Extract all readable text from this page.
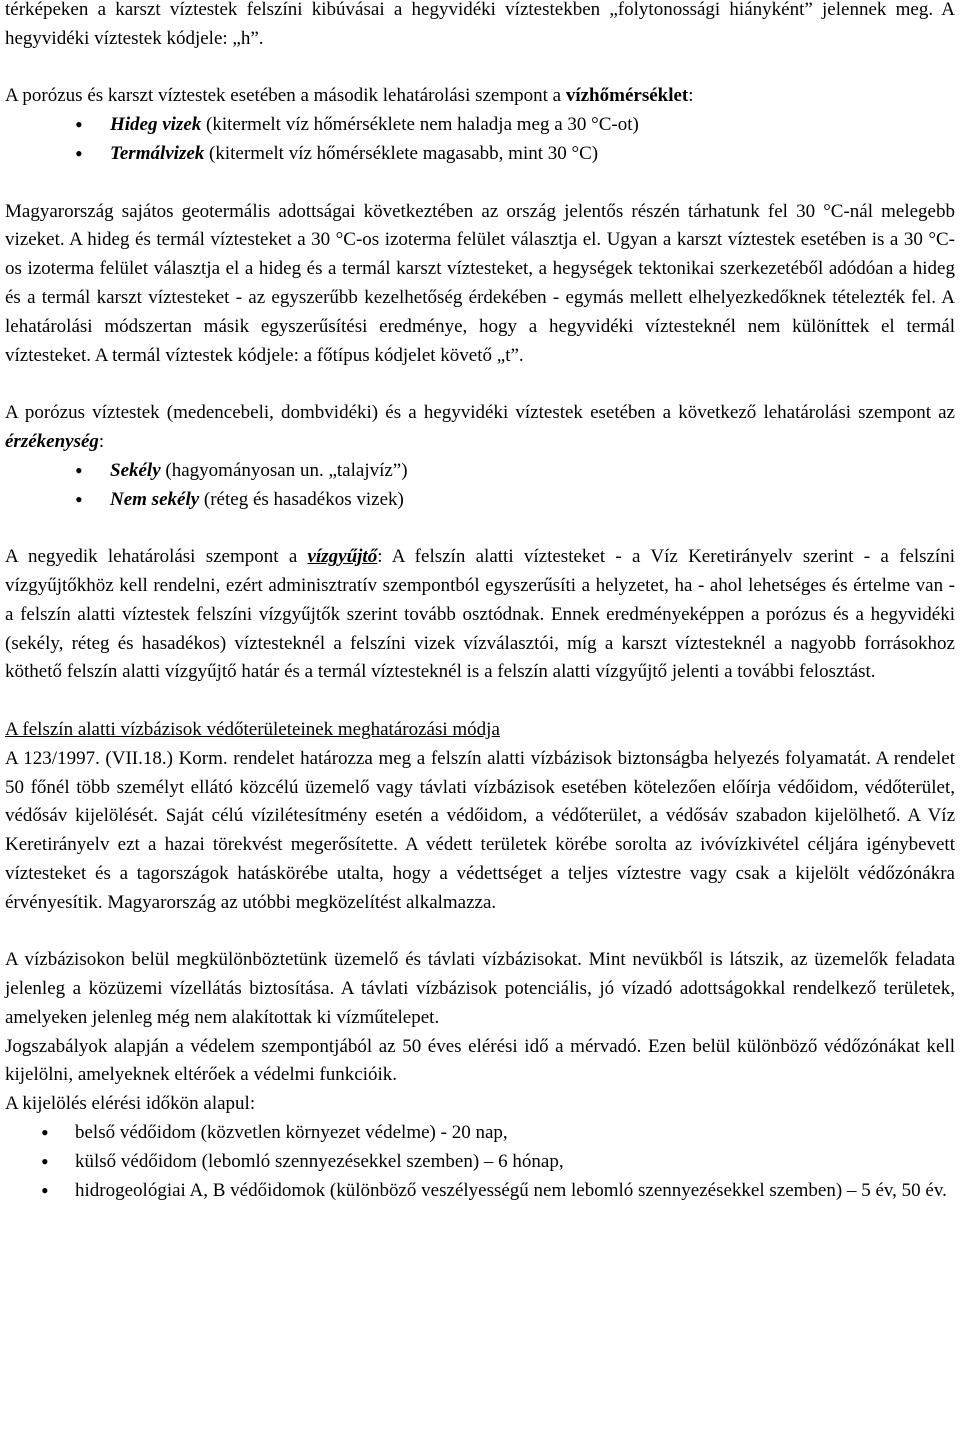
térképeken a karszt víztestek felszíni kibúvásai a hegyvidéki víztestekben „folytonossági hiányként” jelennek meg. A hegyvidéki víztestek kódjele: „h”.

A porózus és karszt víztestek esetében a második lehatárolási szempont a vízhőmérséklet:

• Hideg vizek (kitermelt víz hőmérséklete nem haladja meg a 30 °C-ot)
• Termálvizek (kitermelt víz hőmérséklete magasabb, mint 30 °C)

Magyarország sajátos geotermális adottságai következtében az ország jelentős részén tárhatunk fel 30 °C-nál melegebb vizeket. A hideg és termál víztesteket a 30 °C-os izoterma felület választja el. Ugyan a karszt víztestek esetében is a 30 °C-os izoterma felület választja el a hideg és a termál karszt víztesteket, a hegységek tektonikai szerkezetéből adódóan a hideg és a termál karszt víztesteket - az egyszerűbb kezelhetőség érdekében - egymás mellett elhelyezkedőknek tételezték fel. A lehatárolási módszertan másik egyszerűsítési eredménye, hogy a hegyvidéki víztesteknél nem különíttek el termál víztesteket. A termál víztestek kódjele: a főtípus kódjelet követő „t”.

A porózus víztestek (medencebeli, dombvidéki) és a hegyvidéki víztestek esetében a következő lehatárolási szempont az érzékenység:

• Sekély (hagyományosan un. „talajvíz”)
• Nem sekély (réteg és hasadékos vizek)

A negyedik lehatárolási szempont a vízgyűjtő: A felszín alatti víztesteket - a Víz Keretirányelv szerint - a felszíni vízgyűjtőkhöz kell rendelni, ezért adminisztratív szempontból egyszerűsíti a helyzetet, ha - ahol lehetséges és értelme van - a felszín alatti víztestek felszíni vízgyűjtők szerint tovább osztódnak. Ennek eredményeképpen a porózus és a hegyvidéki (sekély, réteg és hasadékos) víztesteknél a felszíni vizek vízválasztói, míg a karszt víztesteknél a nagyobb forrásokhoz köthető felszín alatti vízgyűjtő határ és a termál víztesteknél is a felszín alatti vízgyűjtő jelenti a további felosztást.

A felszín alatti vízbázisok védőterületeinek meghatározási módja

A 123/1997. (VII.18.) Korm. rendelet határozza meg a felszín alatti vízbázisok biztonságba helyezés folyamatát. A rendelet 50 főnél több személyt ellátó közcélú üzemelő vagy távlati vízbázisok esetében kötelezően előírja védőidom, védőterület, védősáv kijelölését. Saját célú vízilétesítmény esetén a védőidom, a védőterület, a védősáv szabadon kijelölhető. A Víz Keretirányelv ezt a hazai törekvést megerősítette. A védett területek körébe sorolta az ivóvízkivétel céljára igénybevett víztesteket és a tagországok hatáskörébe utalta, hogy a védettséget a teljes víztestre vagy csak a kijelölt védőzónákra érvényesítik. Magyarország az utóbbi megközelítést alkalmazza.

A vízbázisokon belül megkülönböztetünk üzemelő és távlati vízbázisokat. Mint nevükből is látszik, az üzemelők feladata jelenleg a közüzemi vízellátás biztosítása. A távlati vízbázisok potenciális, jó vízadó adottságokkal rendelkező területek, amelyeken jelenleg még nem alakítottak ki vízműtelepet.

Jogszabályok alapján a védelem szempontjából az 50 éves elérési idő a mérvadó. Ezen belül különböző védőzónákat kell kijelölni, amelyeknek eltérőek a védelmi funkcióik.

A kijelölés elérési időkön alapul:

• belső védőidom (közvetlen környezet védelme) - 20 nap,
• külső védőidom (lebomló szennyezésekkel szemben) – 6 hónap,
• hidrogeológiai A, B védőidomok (különböző veszélyességű nem lebomló szennyezésekkel szemben) – 5 év, 50 év.
